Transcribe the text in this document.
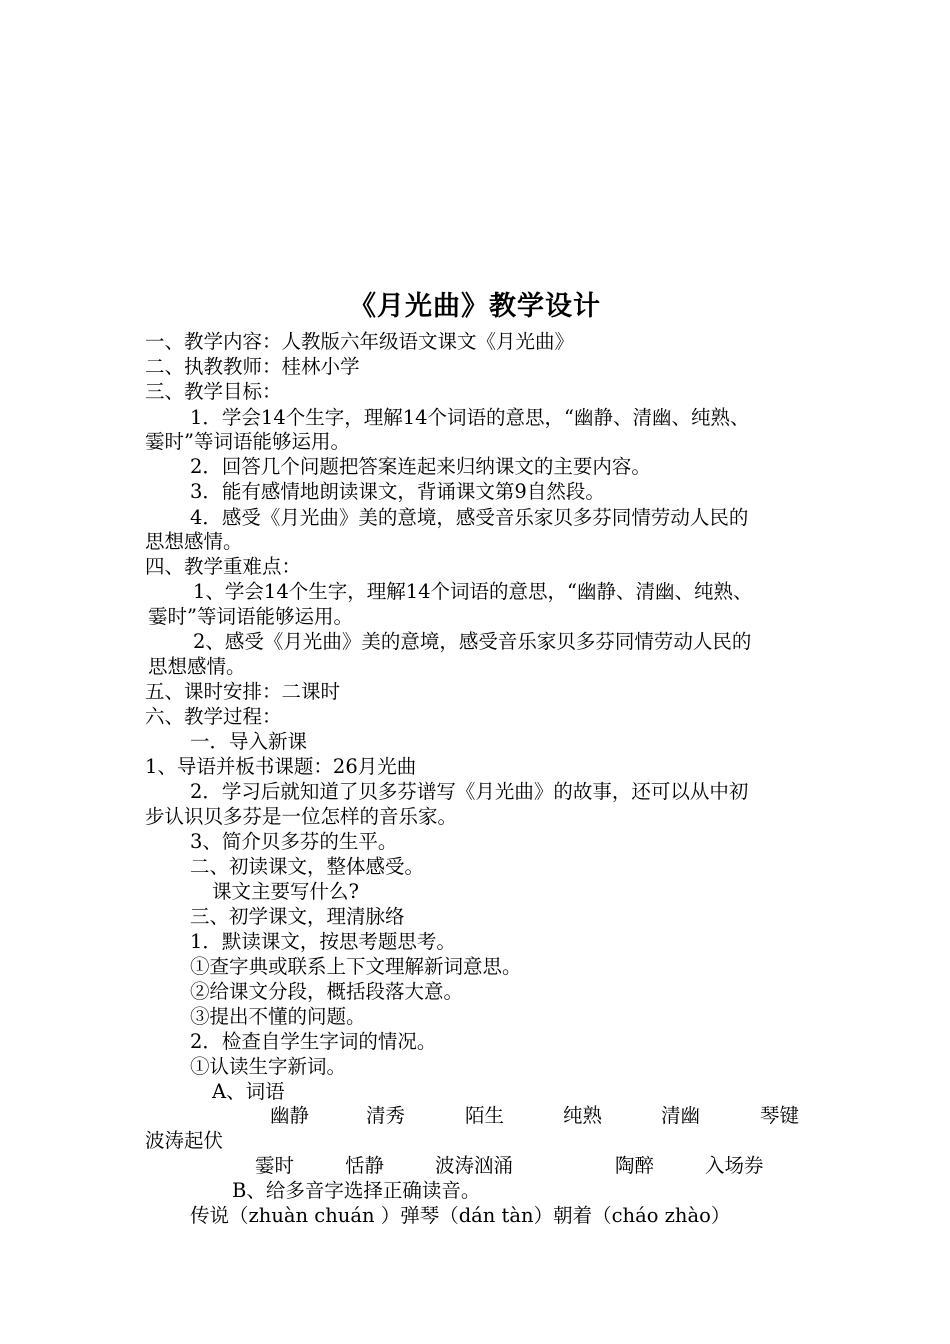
《月光曲》教学设计
一、教学内容：人教版六年级语文课文《月光曲》
二、执教教师：桂林小学
三、教学目标：
1．学会14个生字，理解14个词语的意思，“幽静、清幽、纯熟、
霎时”等词语能够运用。
2．回答几个问题把答案连起来归纳课文的主要内容。
3．能有感情地朗读课文，背诵课文第9自然段。
4．感受《月光曲》美的意境，感受音乐家贝多芬同情劳动人民的
思想感情。
四、教学重难点：
1、学会14个生字，理解14个词语的意思，“幽静、清幽、纯熟、
霎时”等词语能够运用。
2、感受《月光曲》美的意境，感受音乐家贝多芬同情劳动人民的
思想感情。
五、课时安排：二课时
六、教学过程：
一．导入新课
1、导语并板书课题：26月光曲
2．学习后就知道了贝多芬谱写《月光曲》的故事，还可以从中初
步认识贝多芬是一位怎样的音乐家。
3、简介贝多芬的生平。
二、初读课文，整体感受。
课文主要写什么?
三、初学课文，理清脉络
1．默读课文，按思考题思考。
①查字典或联系上下文理解新词意思。
②给课文分段，概括段落大意。
③提出不懂的问题。
2．检查自学生字词的情况。
①认读生字新词。
A、词语
幽静	清秀	陌生	纯熟	清幽	琴键
波涛起伏
霎时	恬静	波涛汹涌	陶醉	入场券
B、给多音字选择正确读音。
传说（zhuàn chuán ）弹琴（dán tàn）朝着（cháo zhào）
